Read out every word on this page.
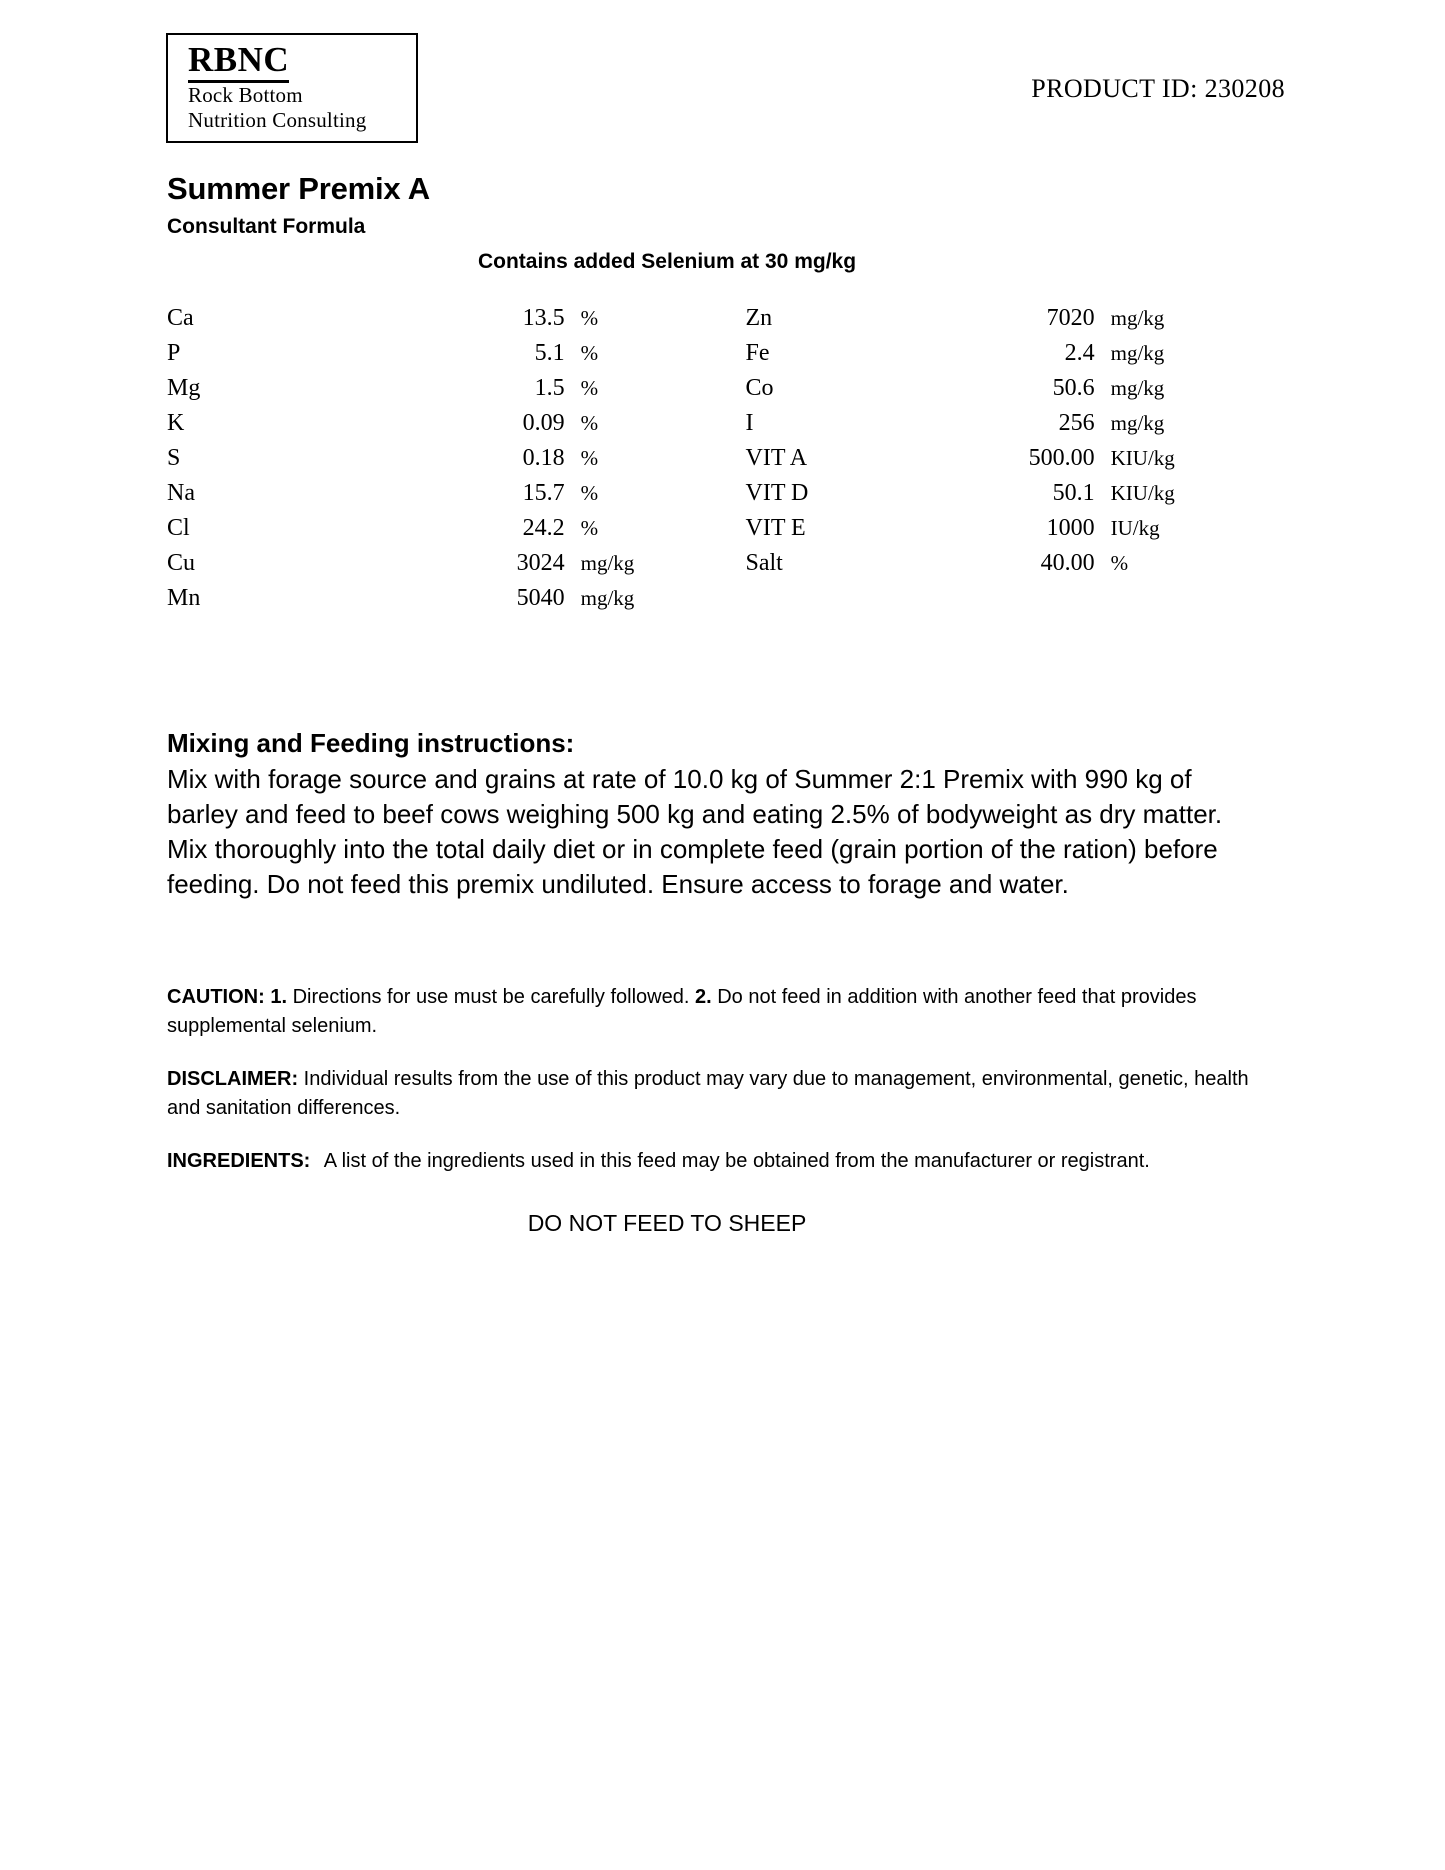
RBNC
Rock Bottom
Nutrition Consulting
PRODUCT ID: 230208
Summer Premix A
Consultant Formula
Contains added Selenium at 30 mg/kg
Ca	13.5 %	Zn	7020 mg/kg
P	5.1 %	Fe	2.4 mg/kg
Mg	1.5 %	Co	50.6 mg/kg
K	0.09 %	I	256 mg/kg
S	0.18 %	VIT A	500.00 KIU/kg
Na	15.7 %	VIT D	50.1 KIU/kg
Cl	24.2 %	VIT E	1000 IU/kg
Cu	3024 mg/kg	Salt	40.00 %
Mn	5040 mg/kg
Mixing and Feeding instructions:
Mix with forage source and grains at rate of 10.0 kg of Summer 2:1 Premix with 990 kg of barley and feed to beef cows weighing 500 kg and eating 2.5% of bodyweight as dry matter. Mix thoroughly into the total daily diet or in complete feed (grain portion of the ration) before feeding. Do not feed this premix undiluted. Ensure access to forage and water.
CAUTION: 1. Directions for use must be carefully followed. 2. Do not feed in addition with another feed that provides supplemental selenium.
DISCLAIMER: Individual results from the use of this product may vary due to management, environmental, genetic, health and sanitation differences.
INGREDIENTS: A list of the ingredients used in this feed may be obtained from the manufacturer or registrant.
DO NOT FEED TO SHEEP
